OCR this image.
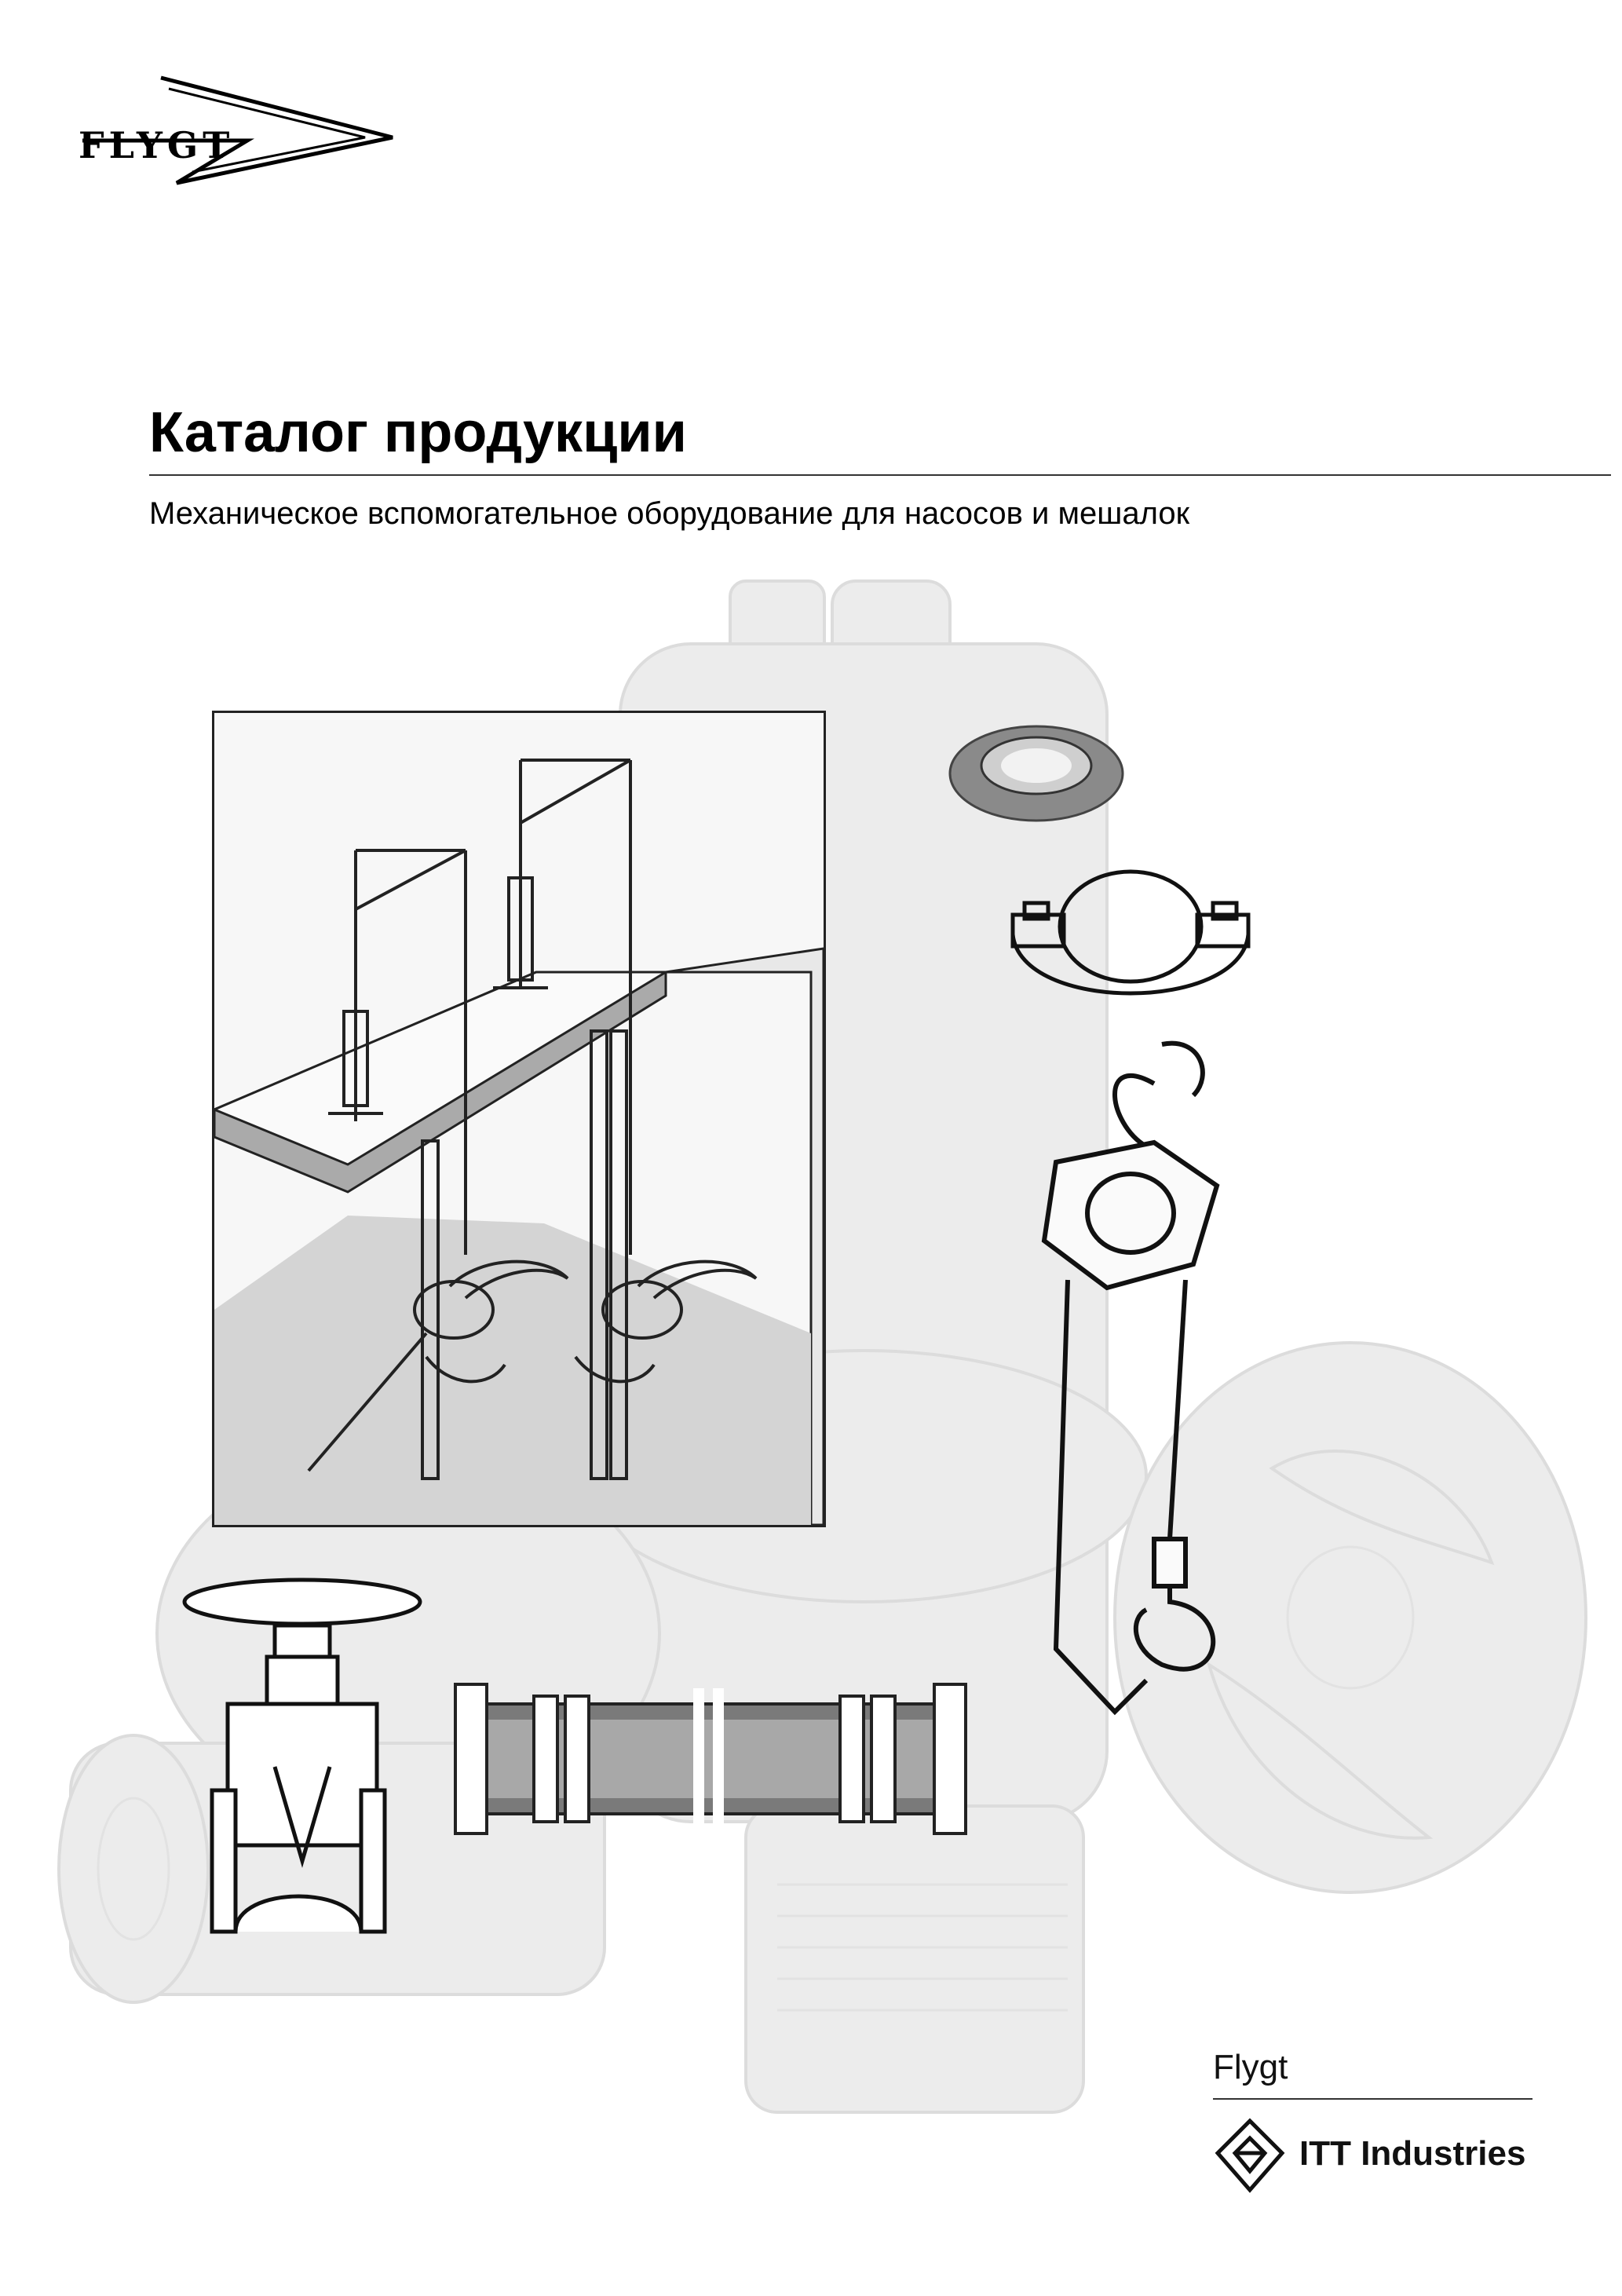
FLYGT
Каталог продукции
Механическое вспомогательное оборудование для насосов и мешалок
Flygt
ITT Industries
